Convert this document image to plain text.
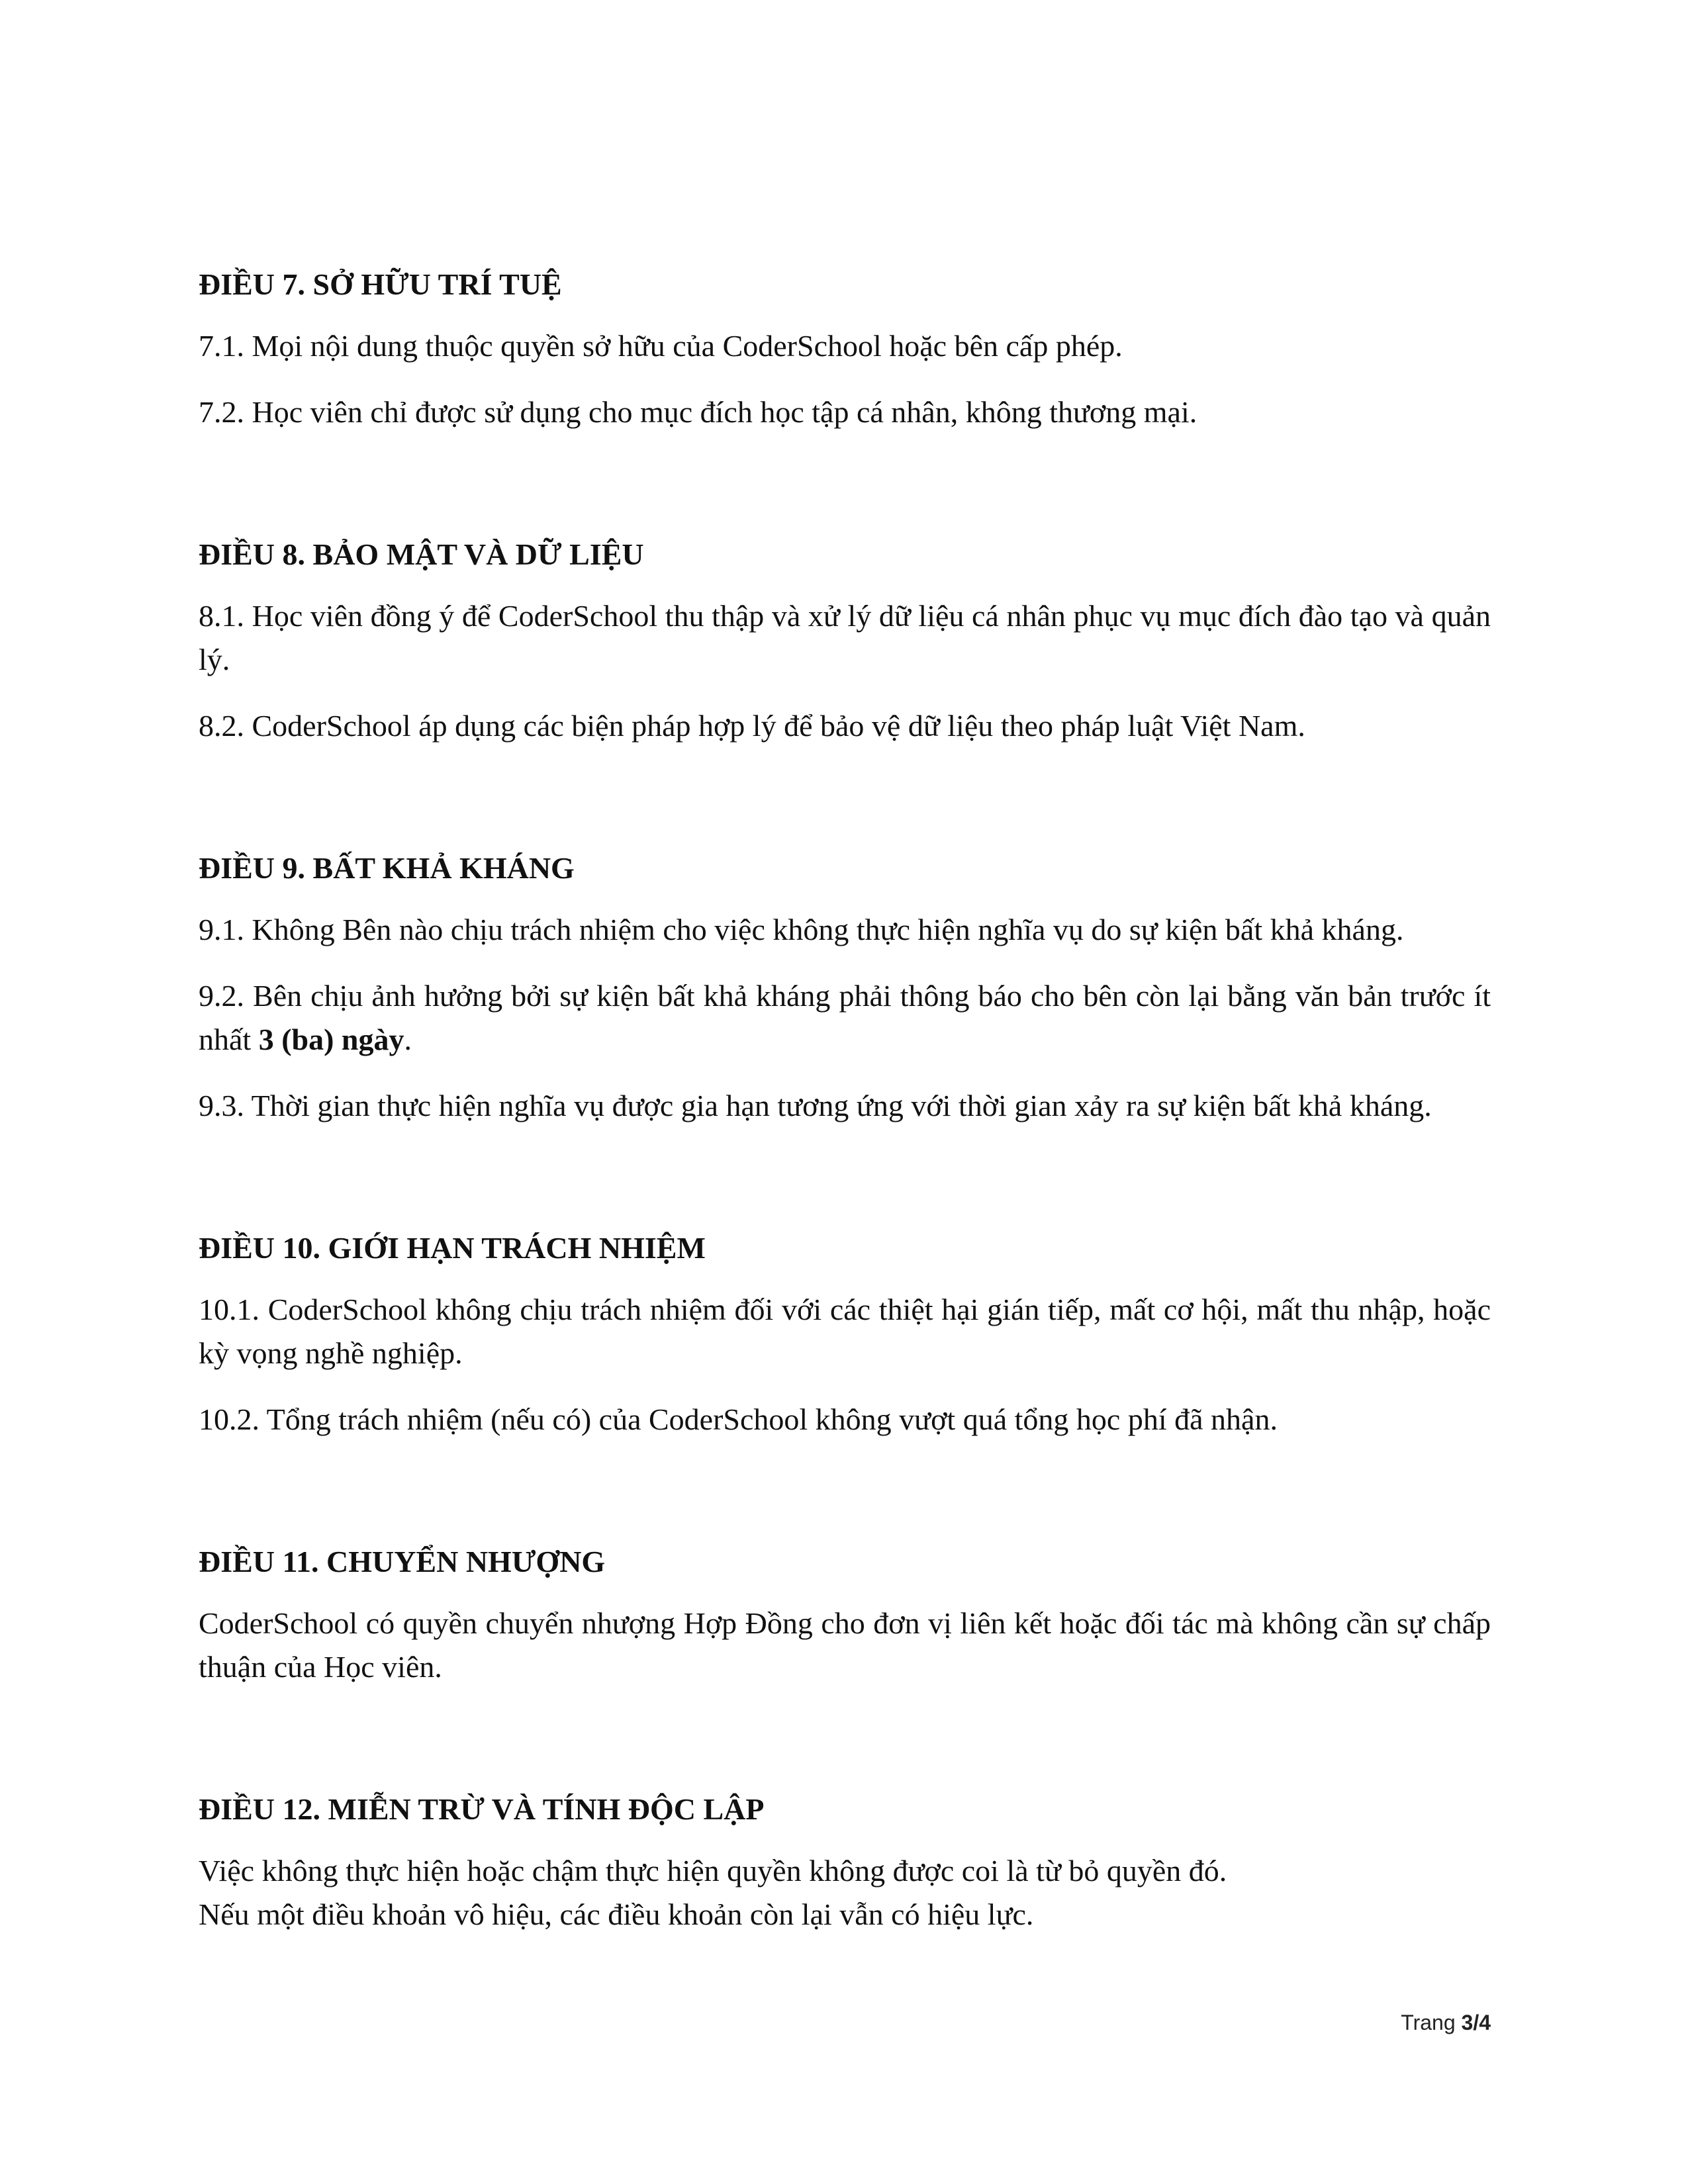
ĐIỀU 7. SỞ HỮU TRÍ TUỆ

7.1. Mọi nội dung thuộc quyền sở hữu của CoderSchool hoặc bên cấp phép.

7.2. Học viên chỉ được sử dụng cho mục đích học tập cá nhân, không thương mại.

ĐIỀU 8. BẢO MẬT VÀ DỮ LIỆU

8.1. Học viên đồng ý để CoderSchool thu thập và xử lý dữ liệu cá nhân phục vụ mục đích đào tạo và quản lý.

8.2. CoderSchool áp dụng các biện pháp hợp lý để bảo vệ dữ liệu theo pháp luật Việt Nam.

ĐIỀU 9. BẤT KHẢ KHÁNG

9.1. Không Bên nào chịu trách nhiệm cho việc không thực hiện nghĩa vụ do sự kiện bất khả kháng.

9.2. Bên chịu ảnh hưởng bởi sự kiện bất khả kháng phải thông báo cho bên còn lại bằng văn bản trước ít nhất 3 (ba) ngày.

9.3. Thời gian thực hiện nghĩa vụ được gia hạn tương ứng với thời gian xảy ra sự kiện bất khả kháng.

ĐIỀU 10. GIỚI HẠN TRÁCH NHIỆM

10.1. CoderSchool không chịu trách nhiệm đối với các thiệt hại gián tiếp, mất cơ hội, mất thu nhập, hoặc kỳ vọng nghề nghiệp.

10.2. Tổng trách nhiệm (nếu có) của CoderSchool không vượt quá tổng học phí đã nhận.

ĐIỀU 11. CHUYỂN NHƯỢNG

CoderSchool có quyền chuyển nhượng Hợp Đồng cho đơn vị liên kết hoặc đối tác mà không cần sự chấp thuận của Học viên.

ĐIỀU 12. MIỄN TRỪ VÀ TÍNH ĐỘC LẬP

Việc không thực hiện hoặc chậm thực hiện quyền không được coi là từ bỏ quyền đó.
Nếu một điều khoản vô hiệu, các điều khoản còn lại vẫn có hiệu lực.

Trang 3/4
